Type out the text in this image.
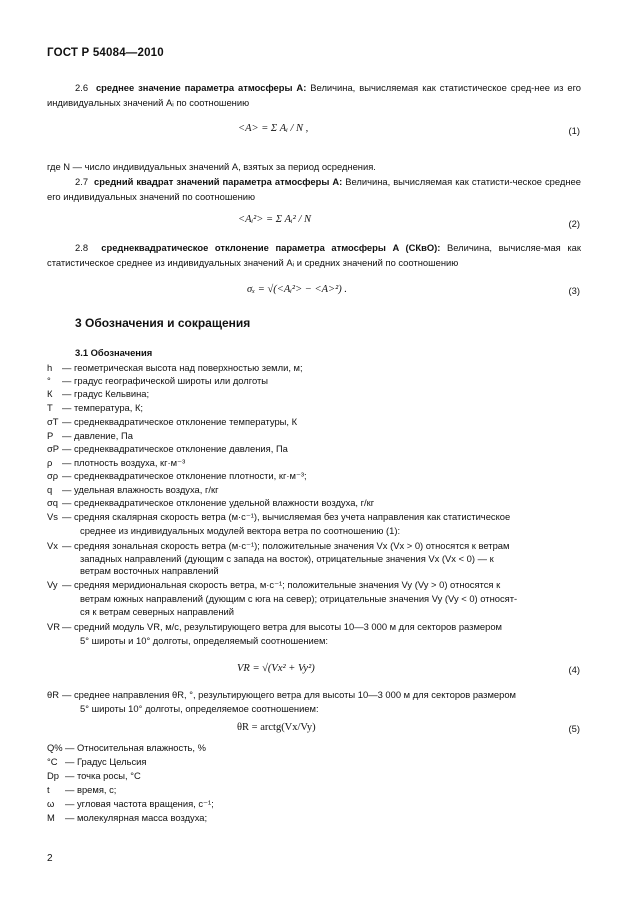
ГОСТ Р 54084—2010

2.6 среднее значение параметра атмосферы A: Величина, вычисляемая как статистическое сред-нее из его индивидуальных значений Aᵢ по соотношению

<A> = Σ Aᵢ / N ,	(1)

где N — число индивидуальных значений A, взятых за период осреднения.

2.7 средний квадрат значений параметра атмосферы A: Величина, вычисляемая как статисти-ческое среднее его индивидуальных значений по соотношению

<Aᵢ²> = Σ Aᵢ² / N	(2)

2.8 среднеквадратическое отклонение параметра атмосферы A (СКвО): Величина, вычисляе-мая как статистическое среднее из индивидуальных значений Aᵢ и средних значений по соотношению

σₓ = √(<Aᵢ²> − <A>²) .	(3)
3 Обозначения и сокращения
3.1 Обозначения
h — геометрическая высота над поверхностью земли, м;
° — градус географической широты или долготы
К — градус Кельвина;
Т — температура, К;
σT — среднеквадратическое отклонение температуры, К
Р — давление, Па
σP — среднеквадратическое отклонение давления, Па
ρ — плотность воздуха, кг·м⁻³
σρ — среднеквадратическое отклонение плотности, кг·м⁻³;
q — удельная влажность воздуха, г/кг
σq — среднеквадратическое отклонение удельной влажности воздуха, г/кг
Vs — средняя скалярная скорость ветра (м·с⁻¹), вычисляемая без учета направления как статистическое
среднее из индивидуальных модулей вектора ветра по соотношению (1):
Vx — средняя зональная скорость ветра (м·с⁻¹); положительные значения Vx (Vx > 0) относятся к ветрам
западных направлений (дующим с запада на восток), отрицательные значения Vx (Vx < 0) — к
ветрам восточных направлений
Vy — средняя меридиональная скорость ветра, м·с⁻¹; положительные значения Vy (Vy > 0) относятся к
ветрам южных направлений (дующим с юга на север); отрицательные значения Vy (Vy < 0) относят-
ся к ветрам северных направлений
VR — средний модуль VR, м/с, результирующего ветра для высоты 10—3 000 м для секторов размером
5° широты и 10° долготы, определяемый соотношением:
VR = √(Vx² + Vy²)	(4)
θR — среднее направления θR, °, результирующего ветра для высоты 10—3 000 м для секторов размером
5° широты 10° долготы, определяемое соотношением:
θR = arctg(Vx/Vy)	(5)
Q% — Относительная влажность, %
°С — Градус Цельсия
Dp — точка росы, °С
t — время, с;
ω — угловая частота вращения, с⁻¹;
М — молекулярная масса воздуха;
2
